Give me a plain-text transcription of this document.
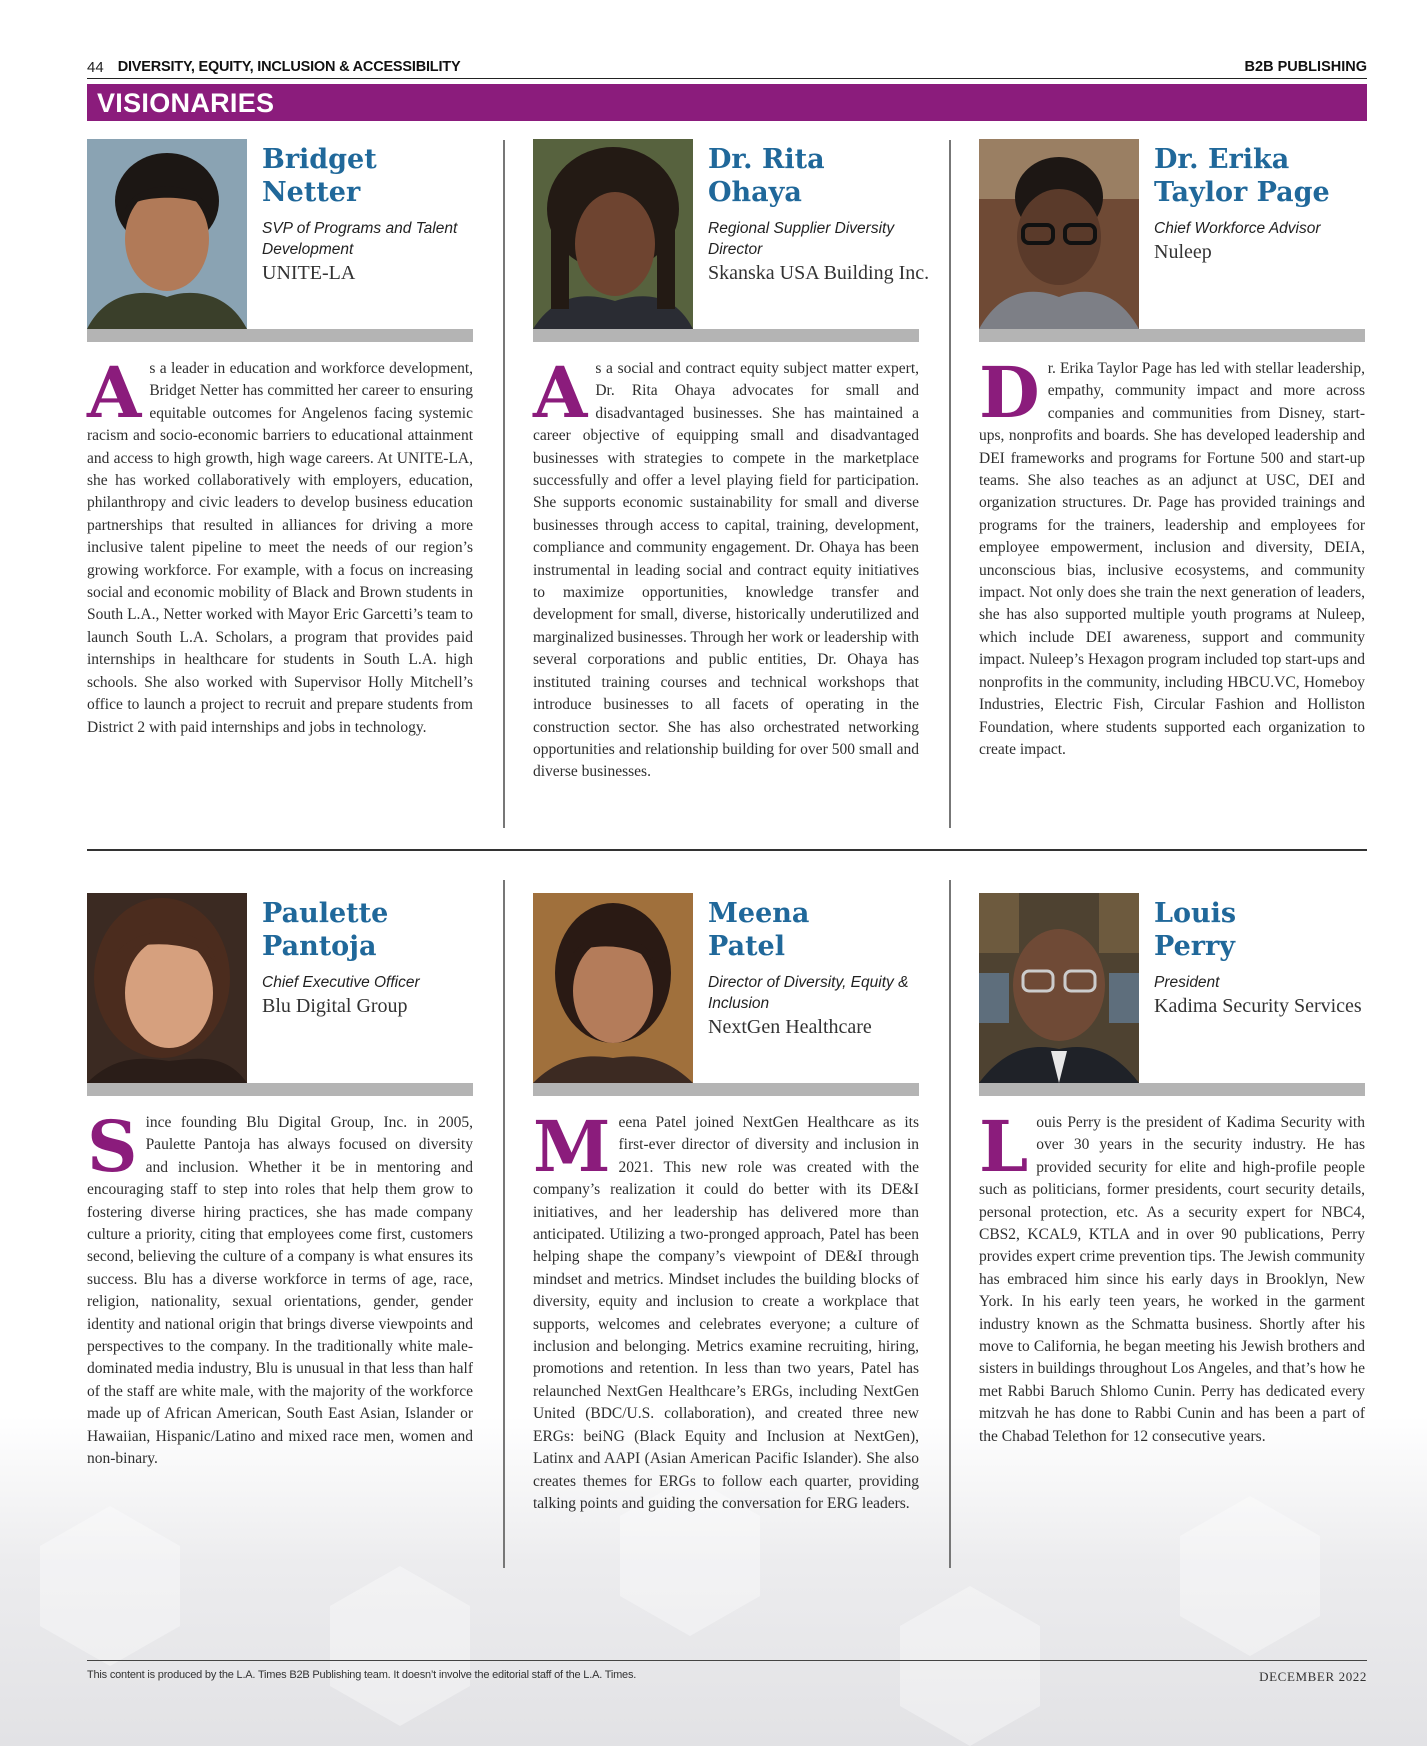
44 DIVERSITY, EQUITY, INCLUSION & ACCESSIBILITY	B2B PUBLISHING
VISIONARIES
Bridget
Netter
SVP of Programs and Talent Development
UNITE-LA
As a leader in education and workforce development, Bridget Netter has committed her career to ensuring equitable outcomes for Angelenos facing systemic racism and socio-economic barriers to educational attainment and access to high growth, high wage careers. At UNITE-LA, she has worked collaboratively with employers, education, philanthropy and civic leaders to develop business education partnerships that resulted in alliances for driving a more inclusive talent pipeline to meet the needs of our region’s growing workforce. For example, with a focus on increasing social and economic mobility of Black and Brown students in South L.A., Netter worked with Mayor Eric Garcetti’s team to launch South L.A. Scholars, a program that provides paid internships in healthcare for students in South L.A. high schools. She also worked with Supervisor Holly Mitchell’s office to launch a project to recruit and prepare students from District 2 with paid internships and jobs in technology.
Dr. Rita
Ohaya
Regional Supplier Diversity Director
Skanska USA Building Inc.
As a social and contract equity subject matter expert, Dr. Rita Ohaya advocates for small and disadvantaged businesses. She has maintained a career objective of equipping small and disadvantaged businesses with strategies to compete in the marketplace successfully and offer a level playing field for participation. She supports economic sustainability for small and diverse businesses through access to capital, training, development, compliance and community engagement. Dr. Ohaya has been instrumental in leading social and contract equity initiatives to maximize opportunities, knowledge transfer and development for small, diverse, historically underutilized and marginalized businesses. Through her work or leadership with several corporations and public entities, Dr. Ohaya has instituted training courses and technical workshops that introduce businesses to all facets of operating in the construction sector. She has also orchestrated networking opportunities and relationship building for over 500 small and diverse businesses.
Dr. Erika
Taylor Page
Chief Workforce Advisor
Nuleep
Dr. Erika Taylor Page has led with stellar leadership, empathy, community impact and more across companies and communities from Disney, start-ups, nonprofits and boards. She has developed leadership and DEI frameworks and programs for Fortune 500 and start-up teams. She also teaches as an adjunct at USC, DEI and organization structures. Dr. Page has provided trainings and programs for the trainers, leadership and employees for employee empowerment, inclusion and diversity, DEIA, unconscious bias, inclusive ecosystems, and community impact. Not only does she train the next generation of leaders, she has also supported multiple youth programs at Nuleep, which include DEI awareness, support and community impact. Nuleep’s Hexagon program included top start-ups and nonprofits in the community, including HBCU.VC, Homeboy Industries, Electric Fish, Circular Fashion and Holliston Foundation, where students supported each organization to create impact.
Paulette
Pantoja
Chief Executive Officer
Blu Digital Group
Since founding Blu Digital Group, Inc. in 2005, Paulette Pantoja has always focused on diversity and inclusion. Whether it be in mentoring and encouraging staff to step into roles that help them grow to fostering diverse hiring practices, she has made company culture a priority, citing that employees come first, customers second, believing the culture of a company is what ensures its success. Blu has a diverse workforce in terms of age, race, religion, nationality, sexual orientations, gender, gender identity and national origin that brings diverse viewpoints and perspectives to the company. In the traditionally white male-dominated media industry, Blu is unusual in that less than half of the staff are white male, with the majority of the workforce made up of African American, South East Asian, Islander or Hawaiian, Hispanic/Latino and mixed race men, women and non-binary.
Meena
Patel
Director of Diversity, Equity & Inclusion
NextGen Healthcare
Meena Patel joined NextGen Healthcare as its first-ever director of diversity and inclusion in 2021. This new role was created with the company’s realization it could do better with its DE&I initiatives, and her leadership has delivered more than anticipated. Utilizing a two-pronged approach, Patel has been helping shape the company’s viewpoint of DE&I through mindset and metrics. Mindset includes the building blocks of diversity, equity and inclusion to create a workplace that supports, welcomes and celebrates everyone; a culture of inclusion and belonging. Metrics examine recruiting, hiring, promotions and retention. In less than two years, Patel has relaunched NextGen Healthcare’s ERGs, including NextGen United (BDC/U.S. collaboration), and created three new ERGs: beiNG (Black Equity and Inclusion at NextGen), Latinx and AAPI (Asian American Pacific Islander). She also creates themes for ERGs to follow each quarter, providing talking points and guiding the conversation for ERG leaders.
Louis
Perry
President
Kadima Security Services
Louis Perry is the president of Kadima Security with over 30 years in the security industry. He has provided security for elite and high-profile people such as politicians, former presidents, court security details, personal protection, etc. As a security expert for NBC4, CBS2, KCAL9, KTLA and in over 90 publications, Perry provides expert crime prevention tips. The Jewish community has embraced him since his early days in Brooklyn, New York. In his early teen years, he worked in the garment industry known as the Schmatta business. Shortly after his move to California, he began meeting his Jewish brothers and sisters in buildings throughout Los Angeles, and that’s how he met Rabbi Baruch Shlomo Cunin. Perry has dedicated every mitzvah he has done to Rabbi Cunin and has been a part of the Chabad Telethon for 12 consecutive years.
This content is produced by the L.A. Times B2B Publishing team. It doesn’t involve the editorial staff of the L.A. Times.	DECEMBER 2022
